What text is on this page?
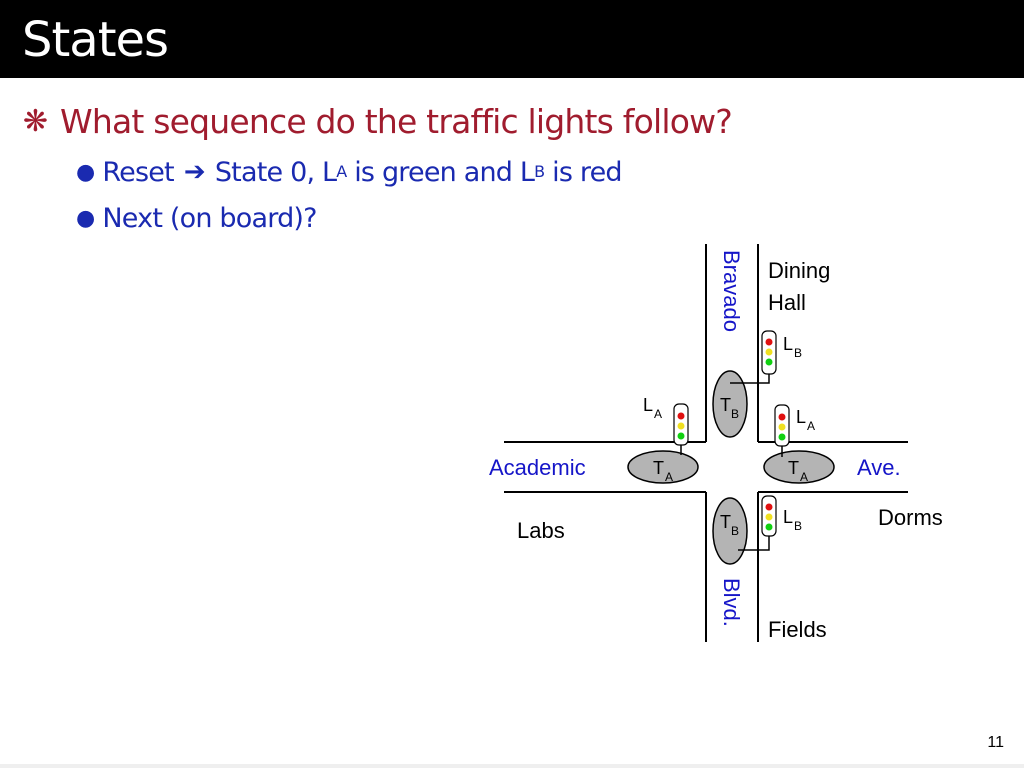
States
❋ What sequence do the traffic lights follow?
● Reset ➔ State 0, L A is green and L B is red
● Next (on board)?
Bravado
Blvd.
Academic	Ave.
Dining
Hall
Labs
Dorms
Fields
T B
T A	T A
T B
L B
L A	L A
L B
11
